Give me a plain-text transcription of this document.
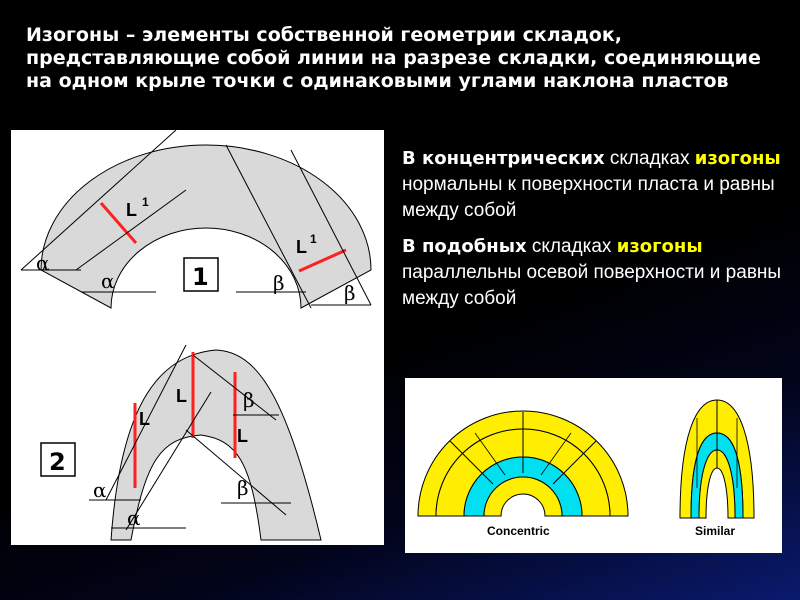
Изогоны – элементы собственной геометрии складок, представляющие собой линии на разрезе складки, соединяющие на одном крыле точки с одинаковыми углами наклона пластов
L 1
L 1
α
α	β	β
1
L
L
L
α
α
β
β
2
В концентрических складках изогоны нормальны к поверхности пласта и равны между собой
В подобных складках изогоны параллельны осевой поверхности и равны между собой
Concentric	Similar
